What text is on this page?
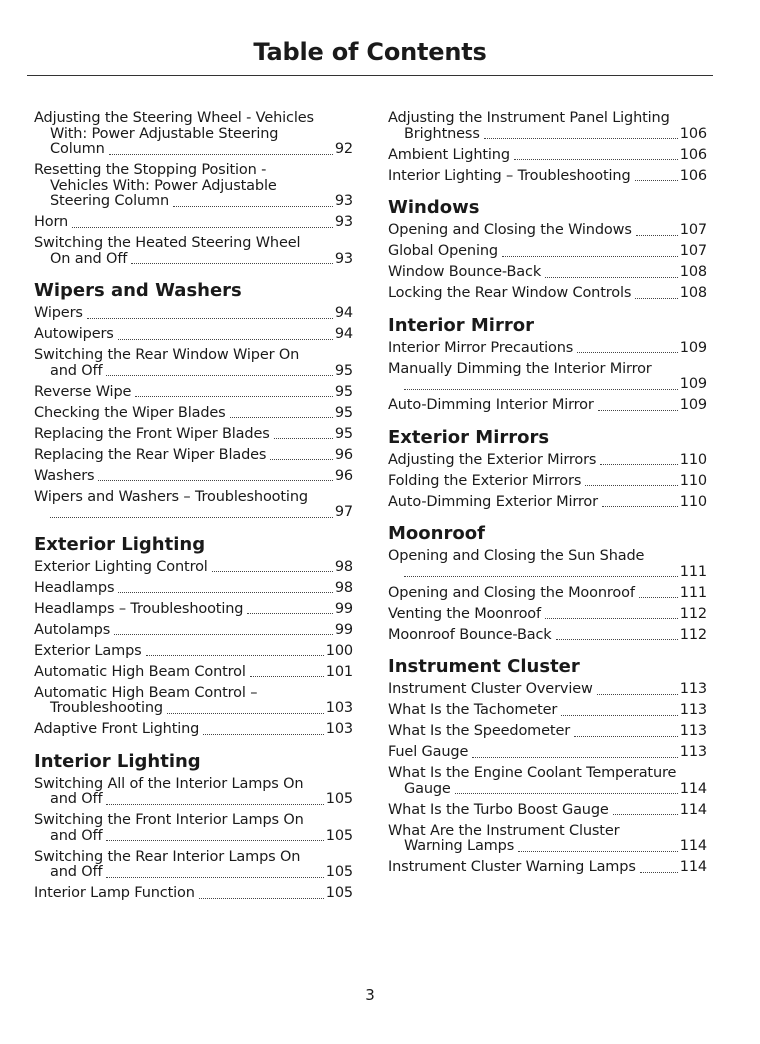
Table of Contents
Adjusting the Steering Wheel - Vehicles
With: Power Adjustable Steering
Column	92
Resetting the Stopping Position -
Vehicles With: Power Adjustable
Steering Column	93
Horn	93
Switching the Heated Steering Wheel
On and Off	93
Wipers and Washers
Wipers	94
Autowipers	94
Switching the Rear Window Wiper On
and Off	95
Reverse Wipe	95
Checking the Wiper Blades	95
Replacing the Front Wiper Blades	95
Replacing the Rear Wiper Blades	96
Washers	96
Wipers and Washers – Troubleshooting
97
Exterior Lighting
Exterior Lighting Control	98
Headlamps	98
Headlamps – Troubleshooting	99
Autolamps	99
Exterior Lamps	100
Automatic High Beam Control	101
Automatic High Beam Control –
Troubleshooting	103
Adaptive Front Lighting	103
Interior Lighting
Switching All of the Interior Lamps On
and Off	105
Switching the Front Interior Lamps On
and Off	105
Switching the Rear Interior Lamps On
and Off	105
Interior Lamp Function	105
Adjusting the Instrument Panel Lighting
Brightness	106
Ambient Lighting	106
Interior Lighting – Troubleshooting	106
Windows
Opening and Closing the Windows	107
Global Opening	107
Window Bounce-Back	108
Locking the Rear Window Controls	108
Interior Mirror
Interior Mirror Precautions	109
Manually Dimming the Interior Mirror
109
Auto-Dimming Interior Mirror	109
Exterior Mirrors
Adjusting the Exterior Mirrors	110
Folding the Exterior Mirrors	110
Auto-Dimming Exterior Mirror	110
Moonroof
Opening and Closing the Sun Shade
111
Opening and Closing the Moonroof	111
Venting the Moonroof	112
Moonroof Bounce-Back	112
Instrument Cluster
Instrument Cluster Overview	113
What Is the Tachometer	113
What Is the Speedometer	113
Fuel Gauge	113
What Is the Engine Coolant Temperature
Gauge	114
What Is the Turbo Boost Gauge	114
What Are the Instrument Cluster
Warning Lamps	114
Instrument Cluster Warning Lamps	114
3
